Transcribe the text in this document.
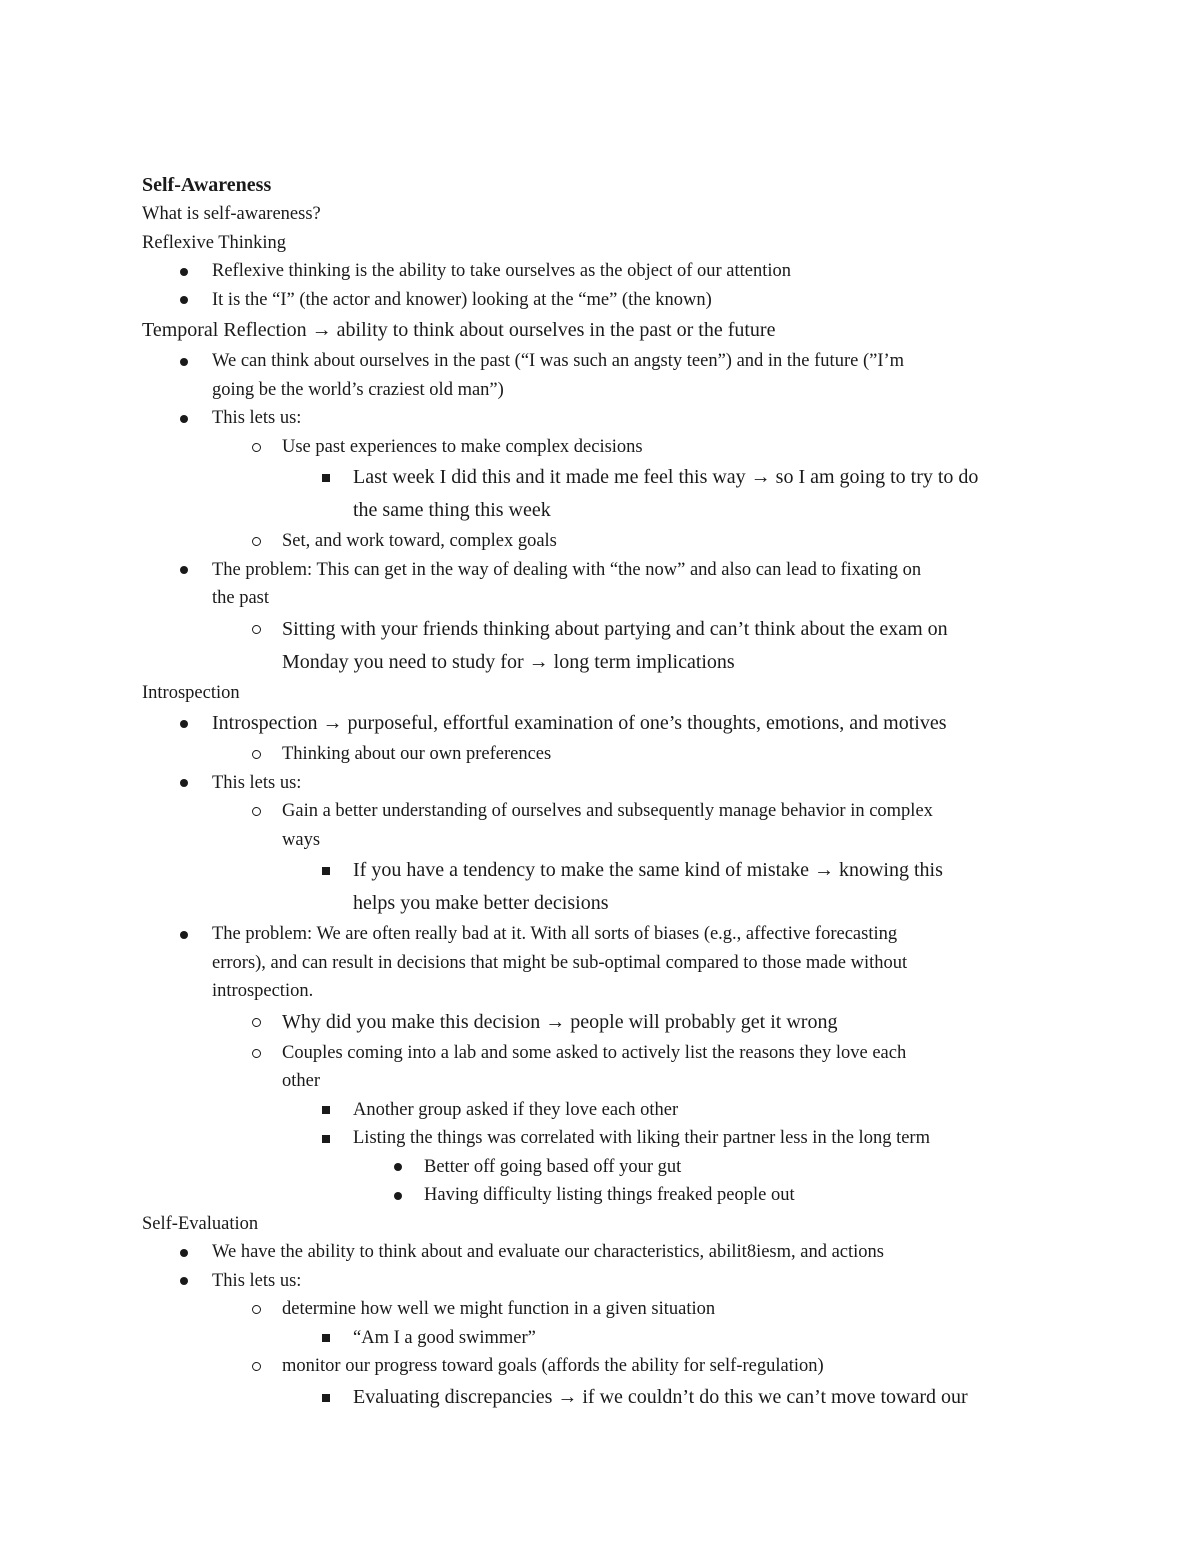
Self-Awareness
What is self-awareness?
Reflexive Thinking
Reflexive thinking is the ability to take ourselves as the object of our attention
It is the “I” (the actor and knower) looking at the “me” (the known)
Temporal Reflection → ability to think about ourselves in the past or the future
We can think about ourselves in the past (“I was such an angsty teen”) and in the future (”I’m
going be the world’s craziest old man”)
This lets us:
Use past experiences to make complex decisions
Last week I did this and it made me feel this way → so I am going to try to do
the same thing this week
Set, and work toward, complex goals
The problem: This can get in the way of dealing with “the now” and also can lead to fixating on
the past
Sitting with your friends thinking about partying and can’t think about the exam on
Monday you need to study for → long term implications
Introspection
Introspection → purposeful, effortful examination of one’s thoughts, emotions, and motives
Thinking about our own preferences
This lets us:
Gain a better understanding of ourselves and subsequently manage behavior in complex
ways
If you have a tendency to make the same kind of mistake → knowing this
helps you make better decisions
The problem: We are often really bad at it. With all sorts of biases (e.g., affective forecasting
errors), and can result in decisions that might be sub-optimal compared to those made without
introspection.
Why did you make this decision → people will probably get it wrong
Couples coming into a lab and some asked to actively list the reasons they love each
other
Another group asked if they love each other
Listing the things was correlated with liking their partner less in the long term
Better off going based off your gut
Having difficulty listing things freaked people out
Self-Evaluation
We have the ability to think about and evaluate our characteristics, abilit8iesm, and actions
This lets us:
determine how well we might function in a given situation
“Am I a good swimmer”
monitor our progress toward goals (affords the ability for self-regulation)
Evaluating discrepancies → if we couldn’t do this we can’t move toward our
